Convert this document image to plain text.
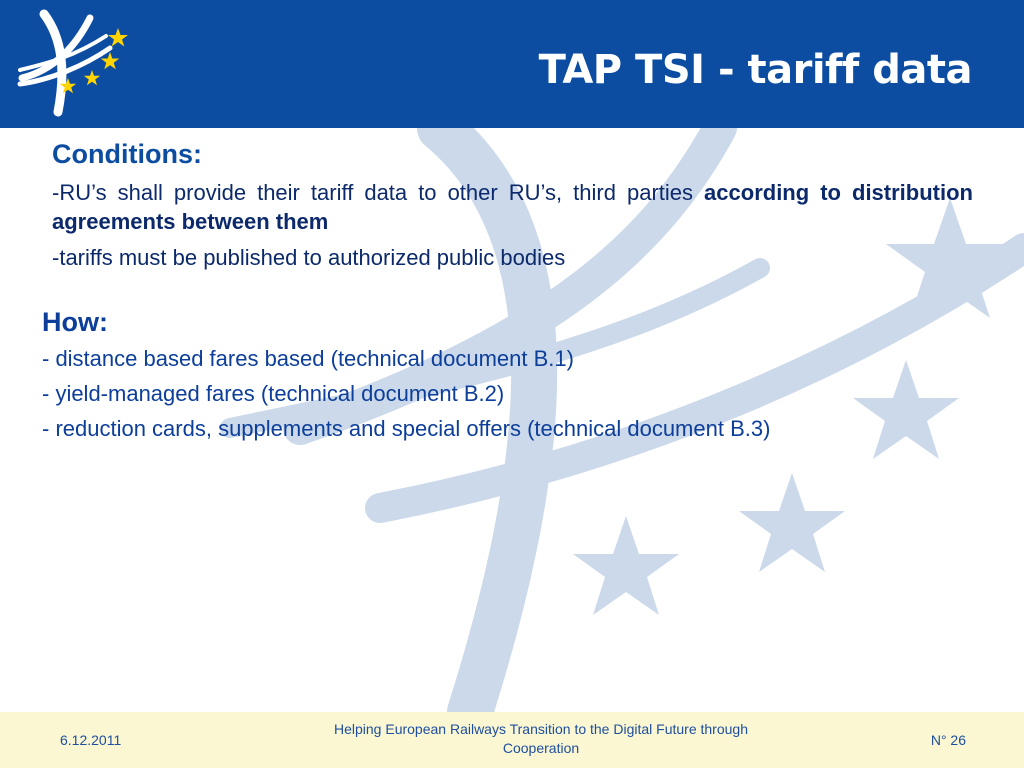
TAP TSI - tariff data
Conditions:

-RU’s shall provide their tariff data to other RU’s, third parties according to distribution agreements between them

-tariffs must be published to authorized public bodies

How:

- distance based fares based (technical document B.1)

- yield-managed fares (technical document B.2)

- reduction cards, supplements and special offers (technical document B.3)

6.12.2011
Helping European Railways Transition to the Digital Future through Cooperation	N° 26
